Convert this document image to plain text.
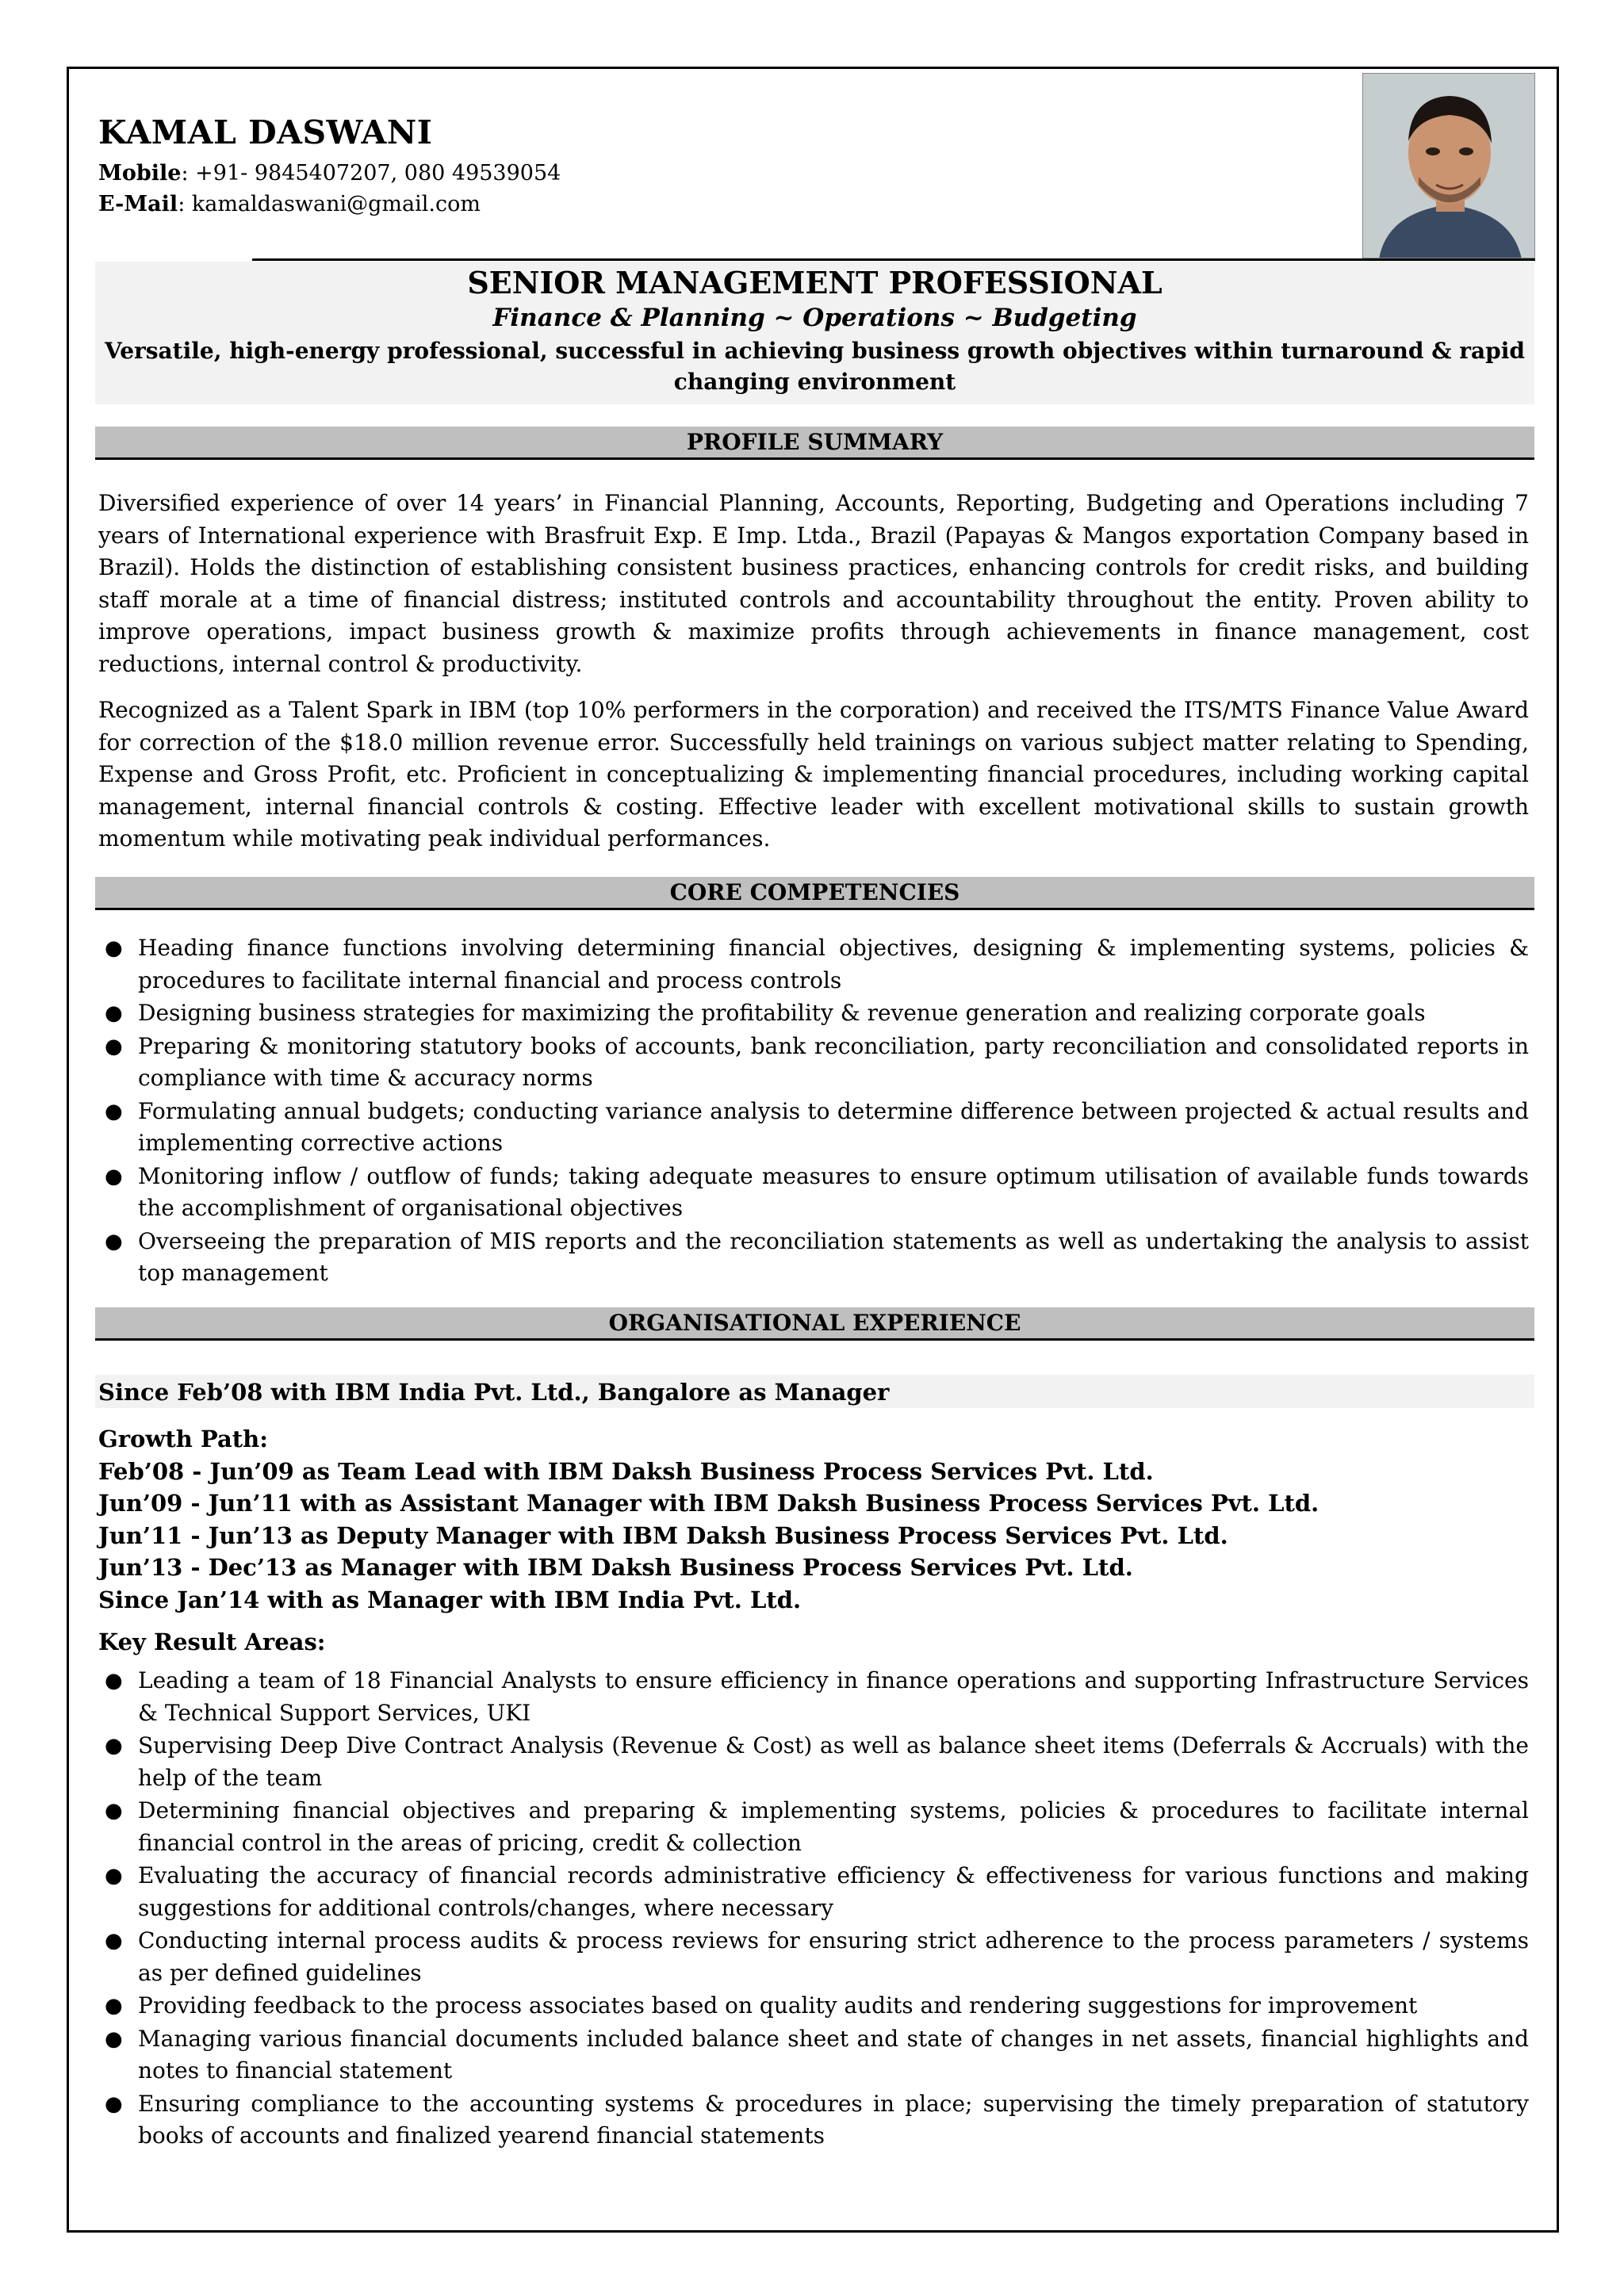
KAMAL DASWANI
Mobile: +91- 9845407207, 080 49539054
E-Mail: kamaldaswani@gmail.com
SENIOR MANAGEMENT PROFESSIONAL
Finance & Planning ~ Operations ~ Budgeting
Versatile, high-energy professional, successful in achieving business growth objectives within turnaround & rapid changing environment
PROFILE SUMMARY
Diversified experience of over 14 years’ in Financial Planning, Accounts, Reporting, Budgeting and Operations including 7 years of International experience with Brasfruit Exp. E Imp. Ltda., Brazil (Papayas & Mangos exportation Company based in Brazil). Holds the distinction of establishing consistent business practices, enhancing controls for credit risks, and building staff morale at a time of financial distress; instituted controls and accountability throughout the entity. Proven ability to improve operations, impact business growth & maximize profits through achievements in finance management, cost reductions, internal control & productivity.
Recognized as a Talent Spark in IBM (top 10% performers in the corporation) and received the ITS/MTS Finance Value Award for correction of the $18.0 million revenue error. Successfully held trainings on various subject matter relating to Spending, Expense and Gross Profit, etc. Proficient in conceptualizing & implementing financial procedures, including working capital management, internal financial controls & costing. Effective leader with excellent motivational skills to sustain growth momentum while motivating peak individual performances.
CORE COMPETENCIES
● Heading finance functions involving determining financial objectives, designing & implementing systems, policies & procedures to facilitate internal financial and process controls
● Designing business strategies for maximizing the profitability & revenue generation and realizing corporate goals
● Preparing & monitoring statutory books of accounts, bank reconciliation, party reconciliation and consolidated reports in compliance with time & accuracy norms
● Formulating annual budgets; conducting variance analysis to determine difference between projected & actual results and implementing corrective actions
● Monitoring inflow / outflow of funds; taking adequate measures to ensure optimum utilisation of available funds towards the accomplishment of organisational objectives
● Overseeing the preparation of MIS reports and the reconciliation statements as well as undertaking the analysis to assist top management
ORGANISATIONAL EXPERIENCE
Since Feb’08 with IBM India Pvt. Ltd., Bangalore as Manager
Growth Path:
Feb’08 - Jun’09 as Team Lead with IBM Daksh Business Process Services Pvt. Ltd.
Jun’09 - Jun’11 with as Assistant Manager with IBM Daksh Business Process Services Pvt. Ltd.
Jun’11 - Jun’13 as Deputy Manager with IBM Daksh Business Process Services Pvt. Ltd.
Jun’13 - Dec’13 as Manager with IBM Daksh Business Process Services Pvt. Ltd.
Since Jan’14 with as Manager with IBM India Pvt. Ltd.
Key Result Areas:
● Leading a team of 18 Financial Analysts to ensure efficiency in finance operations and supporting Infrastructure Services & Technical Support Services, UKI
● Supervising Deep Dive Contract Analysis (Revenue & Cost) as well as balance sheet items (Deferrals & Accruals) with the help of the team
● Determining financial objectives and preparing & implementing systems, policies & procedures to facilitate internal financial control in the areas of pricing, credit & collection
● Evaluating the accuracy of financial records administrative efficiency & effectiveness for various functions and making suggestions for additional controls/changes, where necessary
● Conducting internal process audits & process reviews for ensuring strict adherence to the process parameters / systems as per defined guidelines
● Providing feedback to the process associates based on quality audits and rendering suggestions for improvement
● Managing various financial documents included balance sheet and state of changes in net assets, financial highlights and notes to financial statement
● Ensuring compliance to the accounting systems & procedures in place; supervising the timely preparation of statutory books of accounts and finalized yearend financial statements
